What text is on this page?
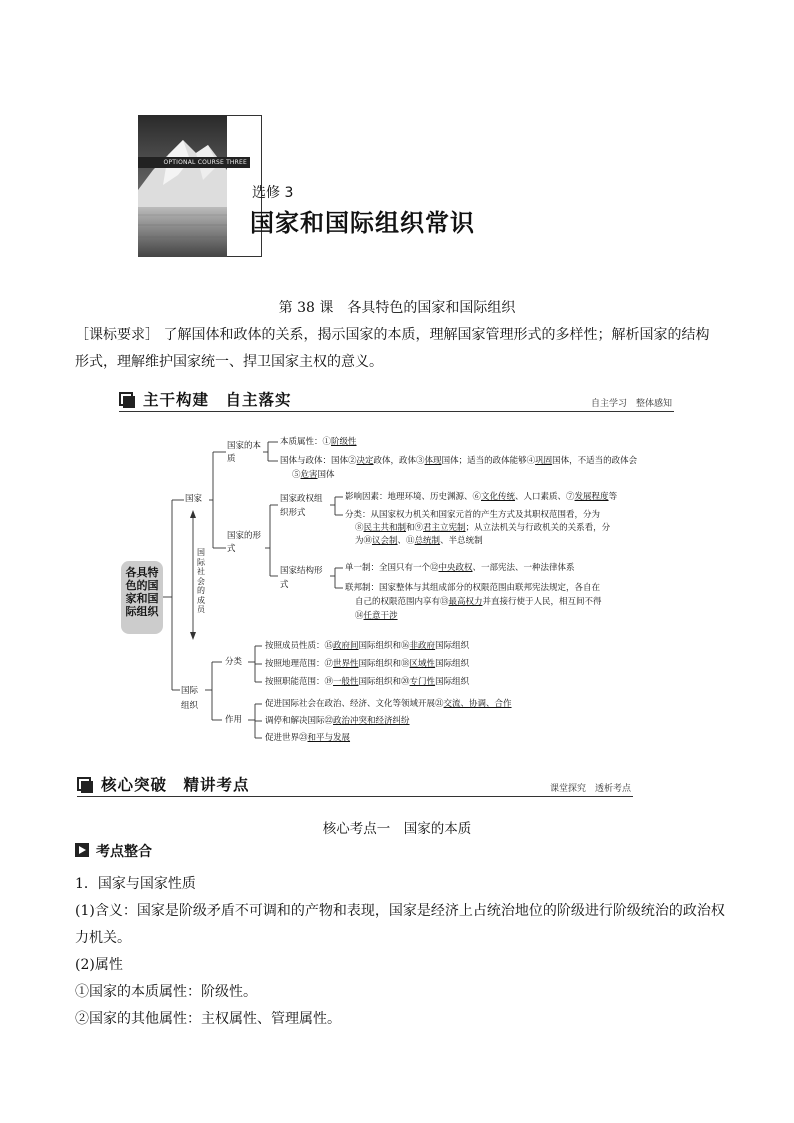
OPTIONAL COURSE THREE
选修 3
国家和国际组织常识
第 38 课　各具特色的国家和国际组织
［课标要求］ 了解国体和政体的关系，揭示国家的本质，理解国家管理形式的多样性；解析国家的结构形式，理解维护国家统一、捍卫国家主权的意义。
主干构建　自主落实	自主学习　整体感知
各具特色的国家和国际组织
国家
国际组织
国际社会的成员
国家的本质
国家的形式
本质属性：①阶级性
国体与政体：国体②决定政体，政体③体现国体；适当的政体能够④巩固国体，不适当的政体会
⑤危害国体
国家政权组织形式
影响因素：地理环境、历史渊源、⑥文化传统、人口素质、⑦发展程度等
分类：从国家权力机关和国家元首的产生方式及其职权范围看，分为
⑧民主共和制和⑨君主立宪制；从立法机关与行政机关的关系看，分
为⑩议会制、⑪总统制、半总统制
国家结构形式
单一制：全国只有一个⑫中央政权、一部宪法、一种法律体系
联邦制：国家整体与其组成部分的权限范围由联邦宪法规定，各自在
自己的权限范围内享有⑬最高权力并直接行使于人民，相互间不得
⑭任意干涉
分类
作用
按照成员性质：⑮政府间国际组织和⑯非政府国际组织
按照地理范围：⑰世界性国际组织和⑱区域性国际组织
按照职能范围：⑲一般性国际组织和⑳专门性国际组织
促进国际社会在政治、经济、文化等领域开展㉑交流、协调、合作
调停和解决国际㉒政治冲突和经济纠纷
促进世界㉓和平与发展
核心突破　精讲考点	课堂探究　透析考点
核心考点一　国家的本质
考点整合
1．国家与国家性质
(1)含义：国家是阶级矛盾不可调和的产物和表现，国家是经济上占统治地位的阶级进行阶级统治的政治权力机关。
(2)属性
①国家的本质属性：阶级性。
②国家的其他属性：主权属性、管理属性。
